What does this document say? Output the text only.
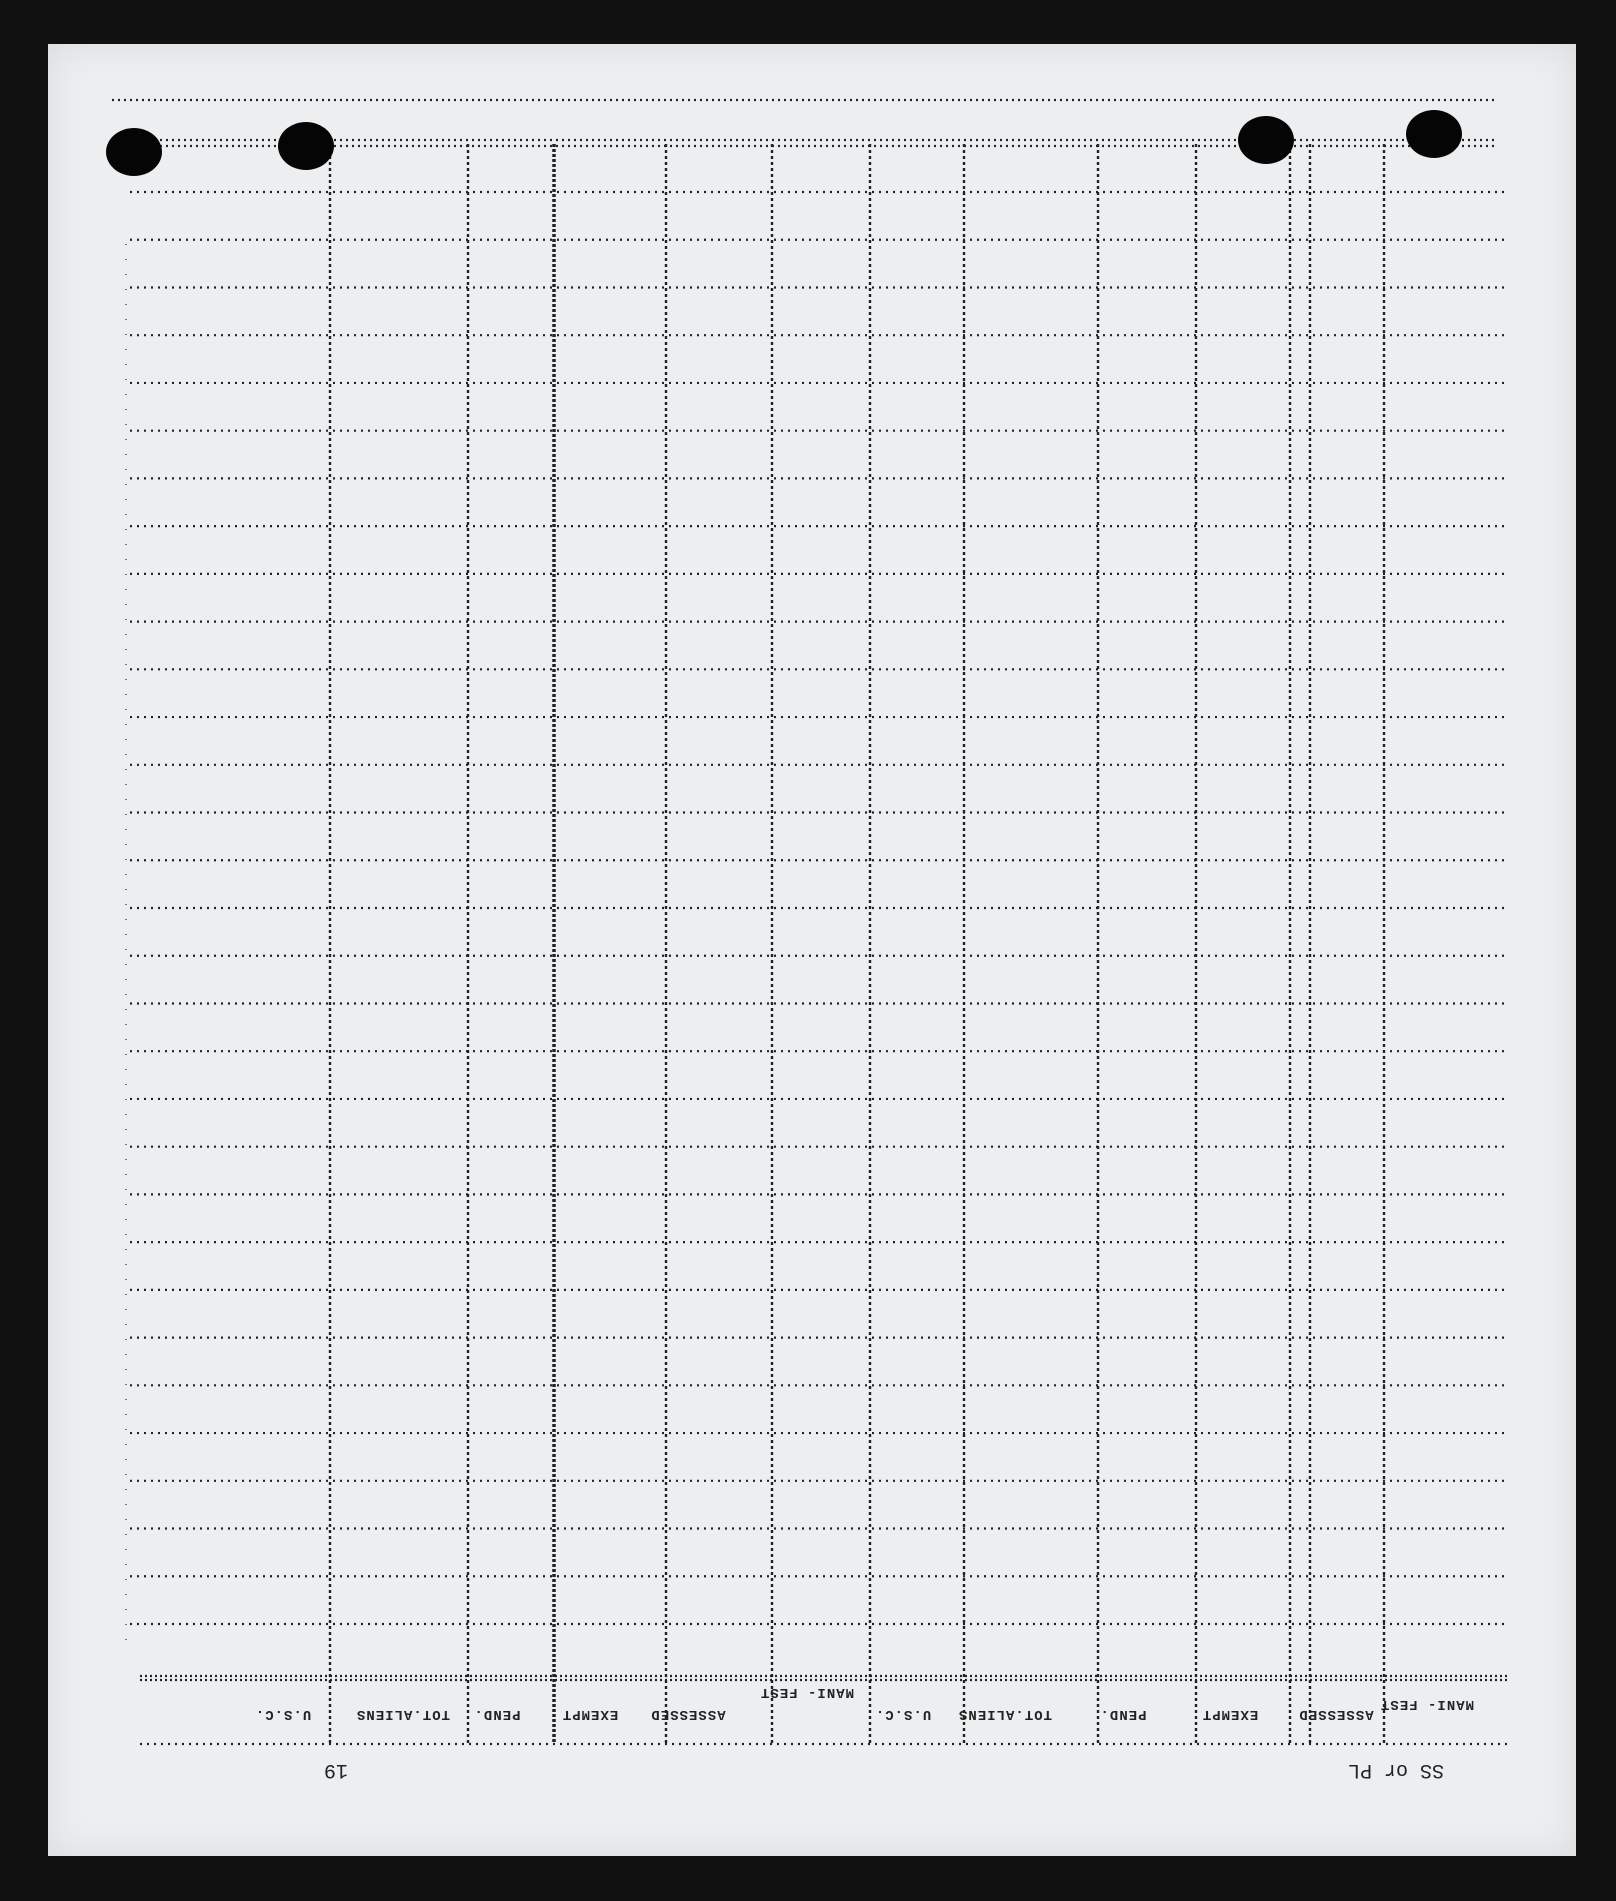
MANI- FEST
ASSESSED
EXEMPT
PEND.
TOT.ALIENS
U.S.C.
MANI- FEST
ASSESSED
EXEMPT
PEND.
TOT.ALIENS
U.S.C.
SS or PL
19
